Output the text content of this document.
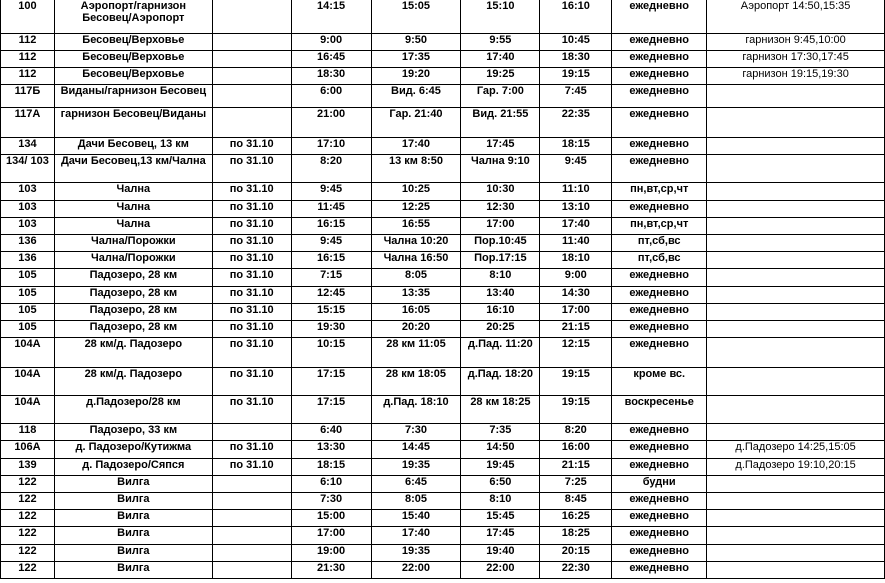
100	Аэропорт/гарнизон Бесовец/Аэропорт		14:15	15:05	15:10	16:10	ежедневно	Аэропорт 14:50,15:35
112	Бесовец/Верховье		9:00	9:50	9:55	10:45	ежедневно	гарнизон 9:45,10:00
112	Бесовец/Верховье		16:45	17:35	17:40	18:30	ежедневно	гарнизон 17:30,17:45
112	Бесовец/Верховье		18:30	19:20	19:25	19:15	ежедневно	гарнизон 19:15,19:30
117Б	Виданы/гарнизон Бесовец		6:00	Вид. 6:45	Гар. 7:00	7:45	ежедневно	
117А	гарнизон Бесовец/Виданы		21:00	Гар. 21:40	Вид. 21:55	22:35	ежедневно	
134	Дачи Бесовец, 13 км	по 31.10	17:10	17:40	17:45	18:15	ежедневно	
134/ 103	Дачи Бесовец,13 км/Чална	по 31.10	8:20	13 км 8:50	Чална 9:10	9:45	ежедневно	
103	Чална	по 31.10	9:45	10:25	10:30	11:10	пн,вт,ср,чт	
103	Чална	по 31.10	11:45	12:25	12:30	13:10	ежедневно	
103	Чална	по 31.10	16:15	16:55	17:00	17:40	пн,вт,ср,чт	
136	Чална/Порожки	по 31.10	9:45	Чална 10:20	Пор.10:45	11:40	пт,сб,вс	
136	Чална/Порожки	по 31.10	16:15	Чална 16:50	Пор.17:15	18:10	пт,сб,вс	
105	Падозеро, 28 км	по 31.10	7:15	8:05	8:10	9:00	ежедневно	
105	Падозеро, 28 км	по 31.10	12:45	13:35	13:40	14:30	ежедневно	
105	Падозеро, 28 км	по 31.10	15:15	16:05	16:10	17:00	ежедневно	
105	Падозеро, 28 км	по 31.10	19:30	20:20	20:25	21:15	ежедневно	
104А	28 км/д. Падозеро	по 31.10	10:15	28 км 11:05	д.Пад. 11:20	12:15	ежедневно	
104А	28 км/д. Падозеро	по 31.10	17:15	28 км 18:05	д.Пад. 18:20	19:15	кроме вс.	
104А	д.Падозеро/28 км	по 31.10	17:15	д.Пад. 18:10	28 км 18:25	19:15	воскресенье	
118	Падозеро, 33 км		6:40	7:30	7:35	8:20	ежедневно	
106А	д. Падозеро/Кутижма	по 31.10	13:30	14:45	14:50	16:00	ежедневно	д.Падозеро 14:25,15:05
139	д. Падозеро/Сяпся	по 31.10	18:15	19:35	19:45	21:15	ежедневно	д.Падозеро 19:10,20:15
122	Вилга		6:10	6:45	6:50	7:25	будни	
122	Вилга		7:30	8:05	8:10	8:45	ежедневно	
122	Вилга		15:00	15:40	15:45	16:25	ежедневно	
122	Вилга		17:00	17:40	17:45	18:25	ежедневно	
122	Вилга		19:00	19:35	19:40	20:15	ежедневно	
122	Вилга		21:30	22:00	22:00	22:30	ежедневно	
